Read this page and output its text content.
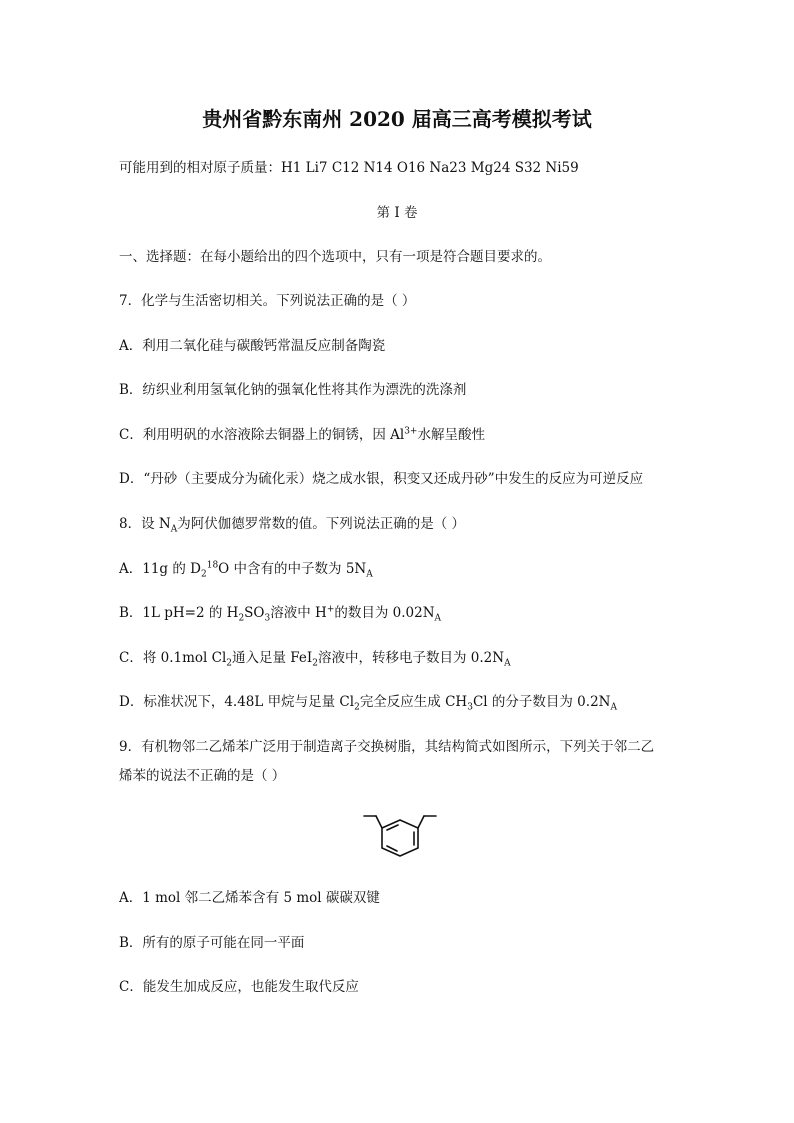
贵州省黔东南州 2020 届高三高考模拟考试
可能用到的相对原子质量：H1 Li7 C12 N14 O16 Na23 Mg24 S32 Ni59
第 I 卷
一、选择题：在每小题给出的四个选项中，只有一项是符合题目要求的。
7．化学与生活密切相关。下列说法正确的是（ ）
A．利用二氧化硅与碳酸钙常温反应制备陶瓷
B．纺织业利用氢氧化钠的强氧化性将其作为漂洗的洗涤剂
C．利用明矾的水溶液除去铜器上的铜锈，因 $Al^{3+}$水解呈酸性
D．“丹砂（主要成分为硫化汞）烧之成水银，积变又还成丹砂”中发生的反应为可逆反应
8．设 $N_A$为阿伏伽德罗常数的值。下列说法正确的是（ ）
A．11g 的 $D_2^{18}O$ 中含有的中子数为 $5N_A$
B．1L pH=2 的 $H_2SO_3$溶液中 H+的数目为 $0.02N_A$
C．将 0.1mol $Cl_2$通入足量 FeI$_2$溶液中，转移电子数目为 $0.2N_A$
D．标准状况下，4.48L 甲烷与足量 $Cl_2$完全反应生成 $CH_3Cl$ 的分子数目为 $0.2N_A$
9．有机物邻二乙烯苯广泛用于制造离子交换树脂，其结构简式如图所示，下列关于邻二乙
烯苯的说法不正确的是（ ）
A．1 mol 邻二乙烯苯含有 5 mol 碳碳双键
B．所有的原子可能在同一平面
C．能发生加成反应，也能发生取代反应
